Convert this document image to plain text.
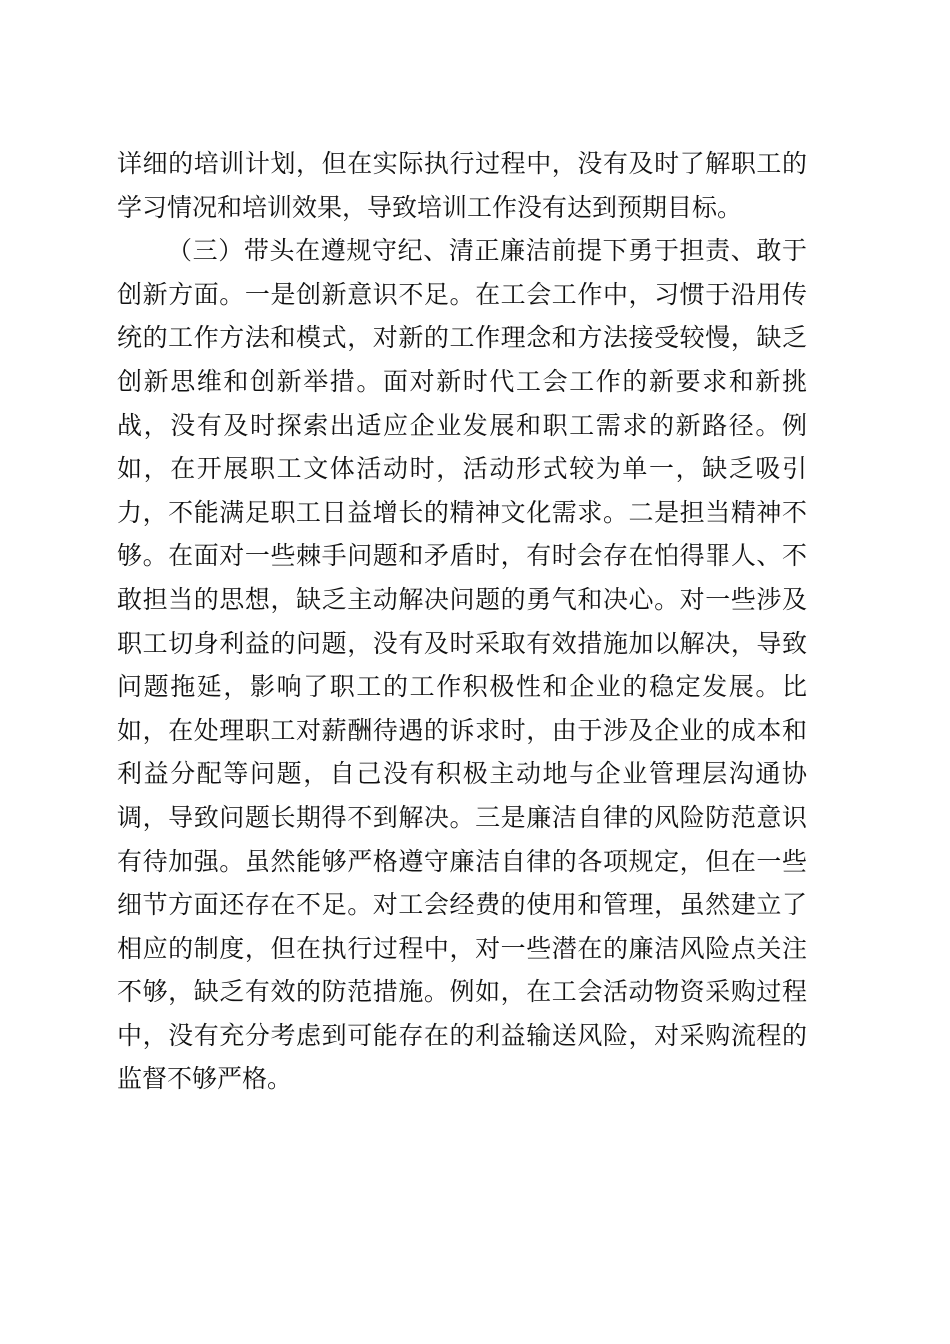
详细的培训计划，但在实际执行过程中，没有及时了解职工的
学习情况和培训效果，导致培训工作没有达到预期目标。
（三）带头在遵规守纪、清正廉洁前提下勇于担责、敢于
创新方面。一是创新意识不足。在工会工作中，习惯于沿用传
统的工作方法和模式，对新的工作理念和方法接受较慢，缺乏
创新思维和创新举措。面对新时代工会工作的新要求和新挑
战，没有及时探索出适应企业发展和职工需求的新路径。例
如，在开展职工文体活动时，活动形式较为单一，缺乏吸引
力，不能满足职工日益增长的精神文化需求。二是担当精神不
够。在面对一些棘手问题和矛盾时，有时会存在怕得罪人、不
敢担当的思想，缺乏主动解决问题的勇气和决心。对一些涉及
职工切身利益的问题，没有及时采取有效措施加以解决，导致
问题拖延，影响了职工的工作积极性和企业的稳定发展。比
如，在处理职工对薪酬待遇的诉求时，由于涉及企业的成本和
利益分配等问题，自己没有积极主动地与企业管理层沟通协
调，导致问题长期得不到解决。三是廉洁自律的风险防范意识
有待加强。虽然能够严格遵守廉洁自律的各项规定，但在一些
细节方面还存在不足。对工会经费的使用和管理，虽然建立了
相应的制度，但在执行过程中，对一些潜在的廉洁风险点关注
不够，缺乏有效的防范措施。例如，在工会活动物资采购过程
中，没有充分考虑到可能存在的利益输送风险，对采购流程的
监督不够严格。
